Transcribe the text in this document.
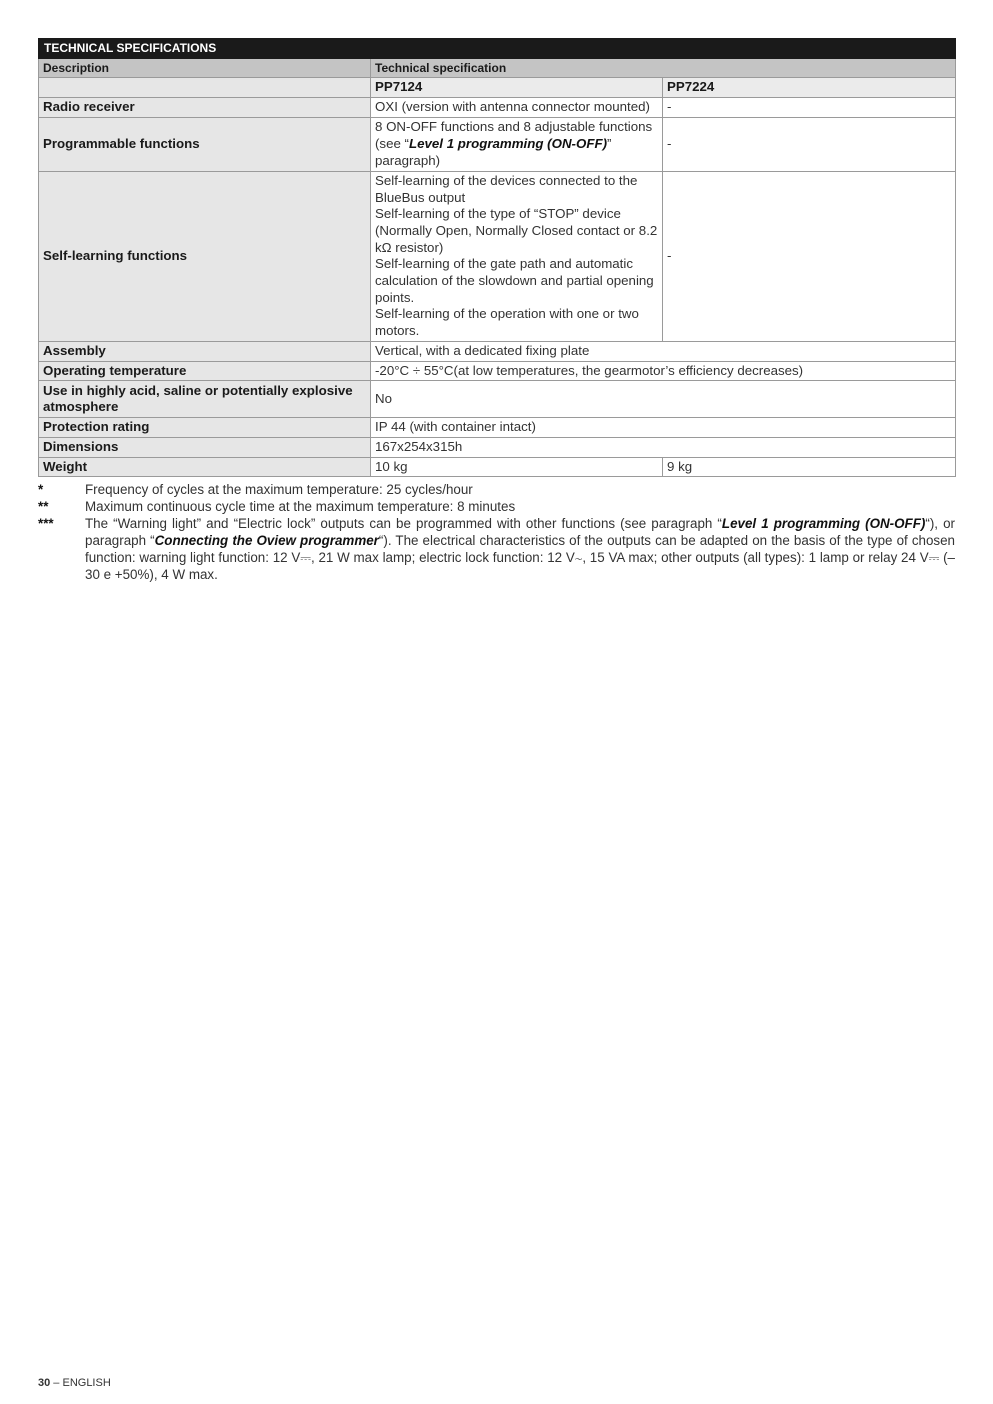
TECHNICAL SPECIFICATIONS		
Description	Technical specification	
	PP7124	PP7224
Radio receiver	OXI (version with antenna connector mounted)	-
Programmable functions	8 ON-OFF functions and 8 adjustable functions (see “Level 1 programming (ON-OFF)” paragraph)	-
Self-learning functions	Self-learning of the devices connected to the BlueBus output
Self-learning of the type of “STOP” device (Normally Open, Normally Closed contact or 8.2 kΩ resistor)
Self-learning of the gate path and automatic calculation of the slowdown and partial opening points.
Self-learning of the operation with one or two motors.	-
Assembly	Vertical, with a dedicated fixing plate	
Operating temperature	-20°C ÷ 55°C(at low temperatures, the gearmotor’s efficiency decreases)	
Use in highly acid, saline or potentially explosive atmosphere	No	
Protection rating	IP 44 (with container intact)	
Dimensions	167x254x315h	
Weight	10 kg	9 kg
*	Frequency of cycles at the maximum temperature: 25 cycles/hour
**	Maximum continuous cycle time at the maximum temperature: 8 minutes
***	The “Warning light” and “Electric lock” outputs can be programmed with other functions (see paragraph “Level 1 programming (ON-OFF)“), or paragraph “Connecting the Oview programmer“). The electrical characteristics of the outputs can be adapted on the basis of the type of chosen function: warning light function: 12 V⎓, 21 W max lamp; electric lock function: 12 V∼, 15 VA max; other outputs (all types): 1 lamp or relay 24 V⎓ (–30 e +50%), 4 W max.
30 – ENGLISH
